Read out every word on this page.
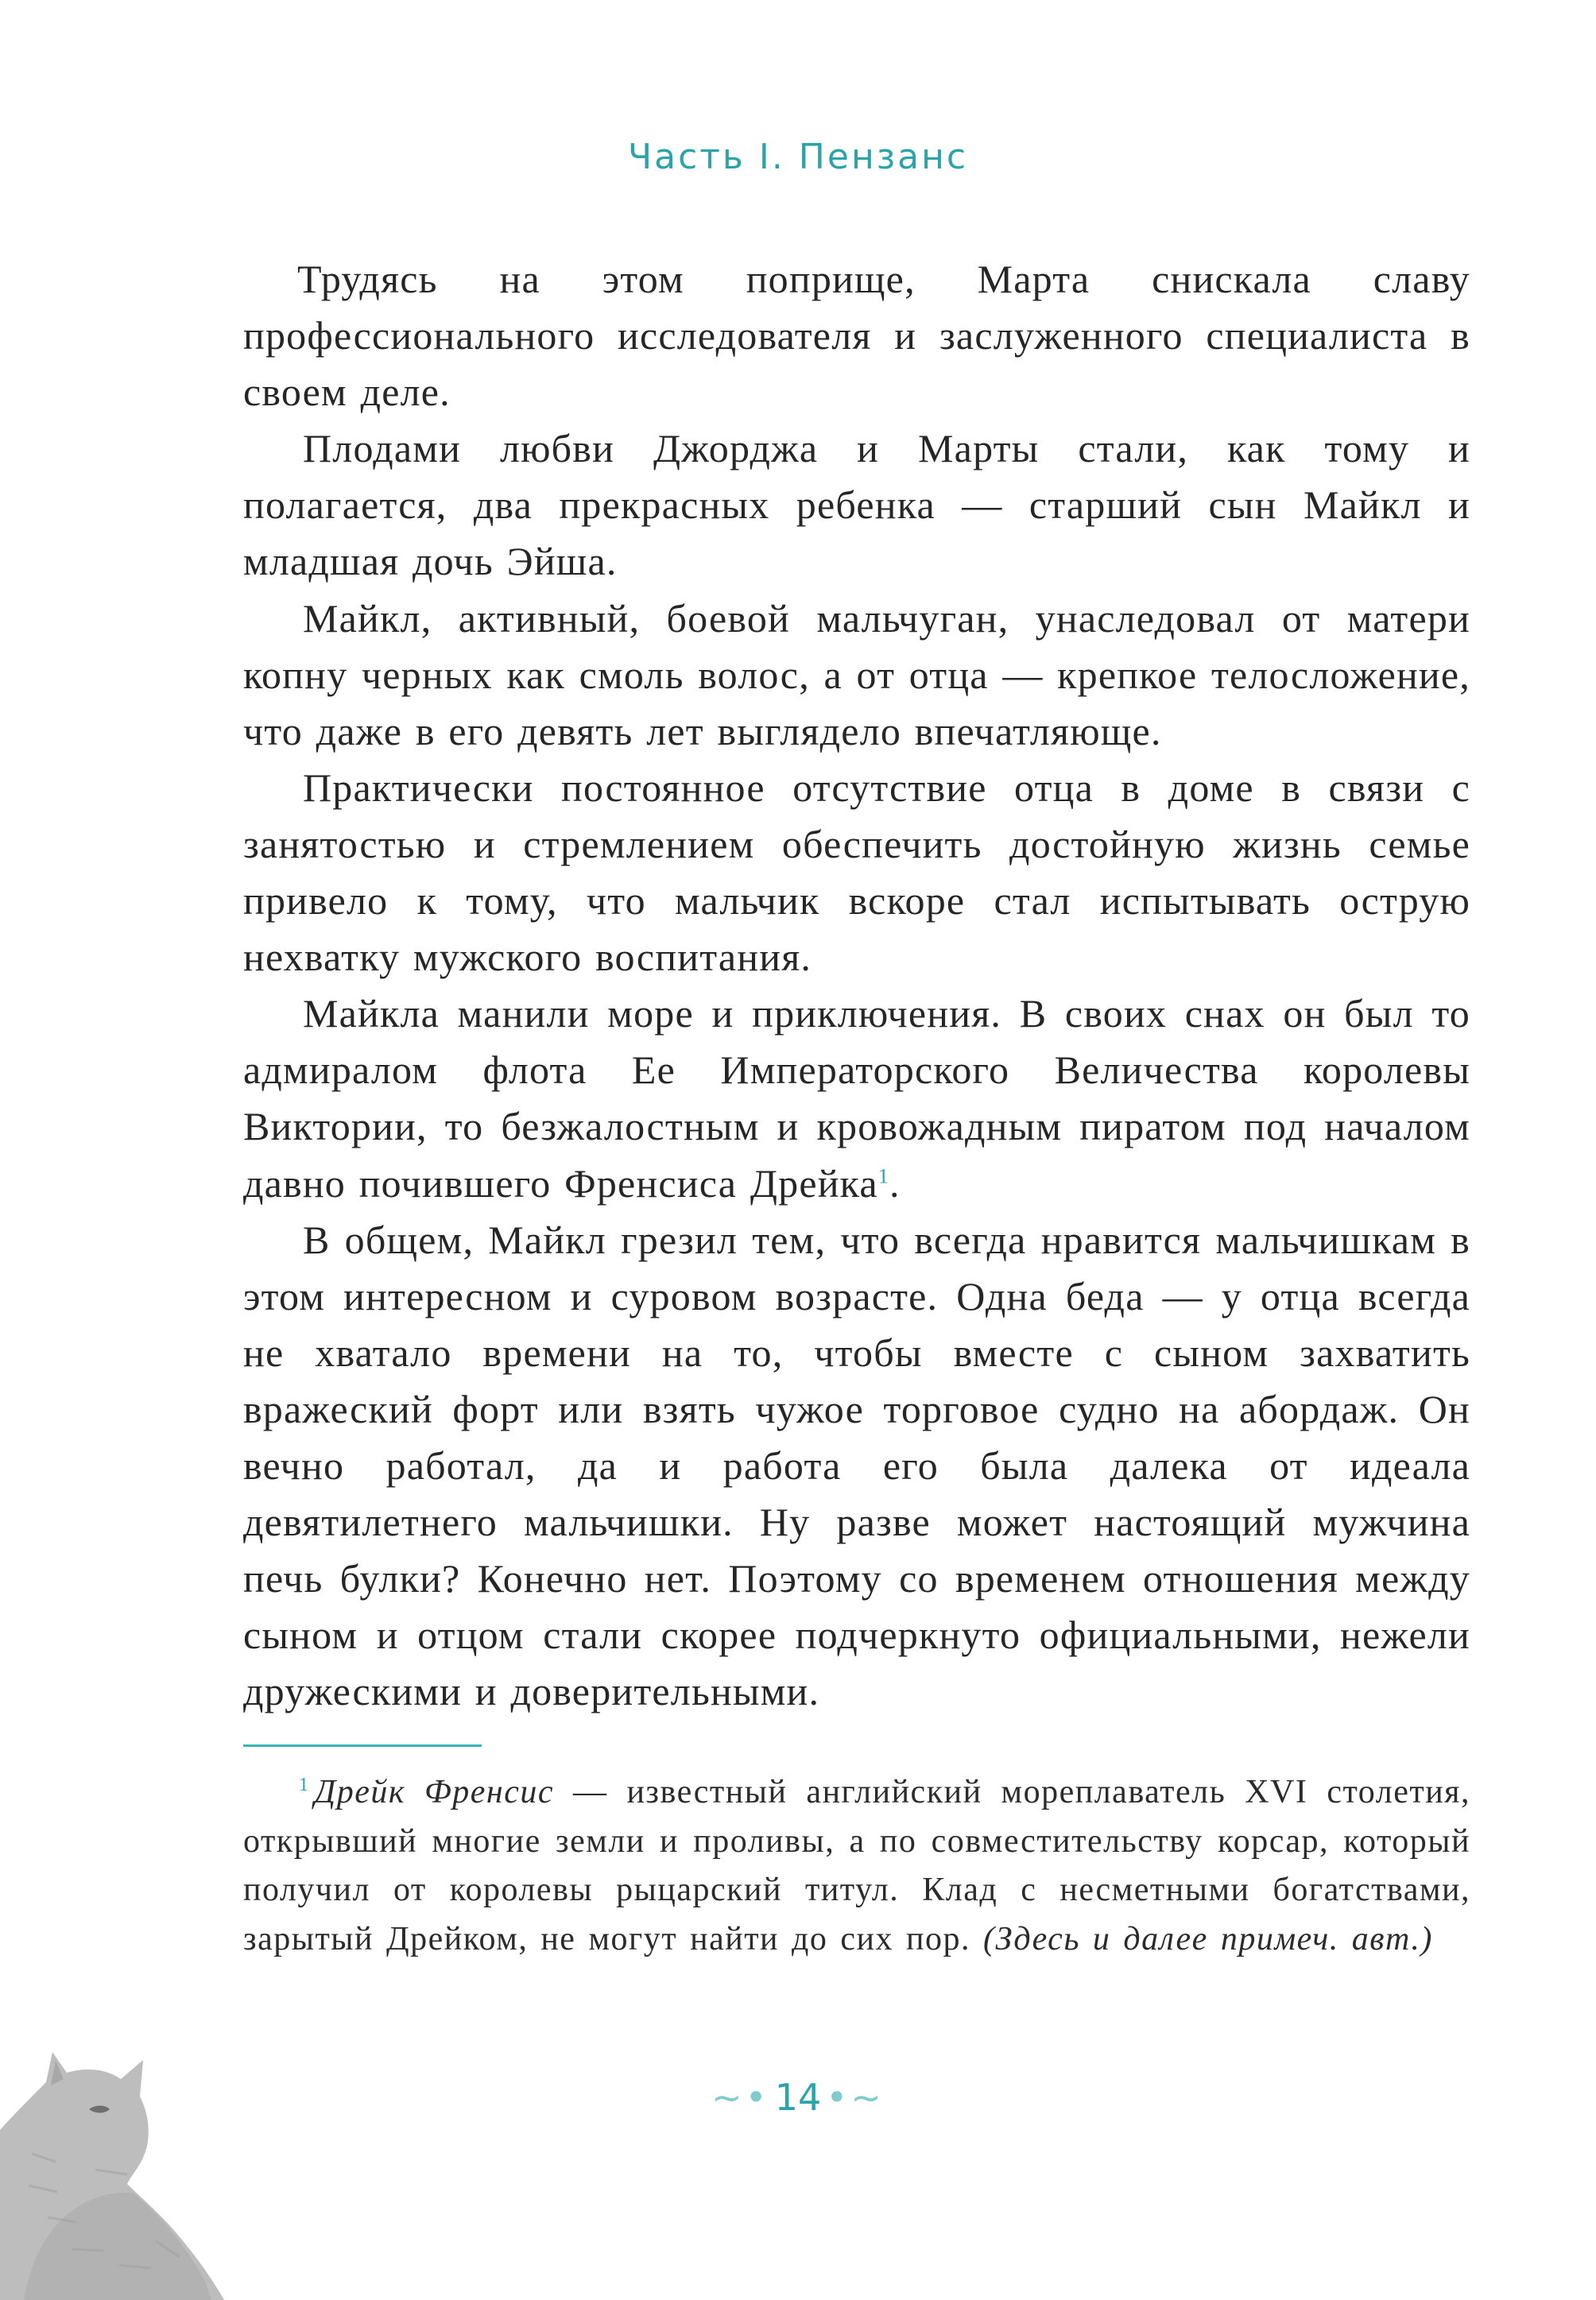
Часть I. Пензанс

Трудясь на этом поприще, Марта снискала славу профессионального исследователя и заслуженного специалиста в своем деле.

Плодами любви Джорджа и Марты стали, как тому и полагается, два прекрасных ребенка — старший сын Майкл и младшая дочь Эйша.

Майкл, активный, боевой мальчуган, унаследовал от матери копну черных как смоль волос, а от отца — крепкое телосложение, что даже в его девять лет выглядело впечатляюще.

Практически постоянное отсутствие отца в доме в связи с занятостью и стремлением обеспечить достойную жизнь семье привело к тому, что мальчик вскоре стал испытывать острую нехватку мужского воспитания.

Майкла манили море и приключения. В своих снах он был то адмиралом флота Ее Императорского Величества королевы Виктории, то безжалостным и кровожадным пиратом под началом давно почившего Френсиса Дрейка$^1$.

В общем, Майкл грезил тем, что всегда нравится мальчишкам в этом интересном и суровом возрасте. Одна беда — у отца всегда не хватало времени на то, чтобы вместе с сыном захватить вражеский форт или взять чужое торговое судно на абордаж. Он вечно работал, да и работа его была далека от идеала девятилетнего мальчишки. Ну разве может настоящий мужчина печь булки? Конечно нет. Поэтому со временем отношения между сыном и отцом стали скорее подчеркнуто официальными, нежели дружескими и доверительными.

$^1$ Дрейк Френсис — известный английский мореплаватель XVI столетия, открывший многие земли и проливы, а по совместительству корсар, который получил от королевы рыцарский титул. Клад с несметными богатствами, зарытый Дрейком, не могут найти до сих пор. (Здесь и далее примеч. авт.)

~• 14 •~
